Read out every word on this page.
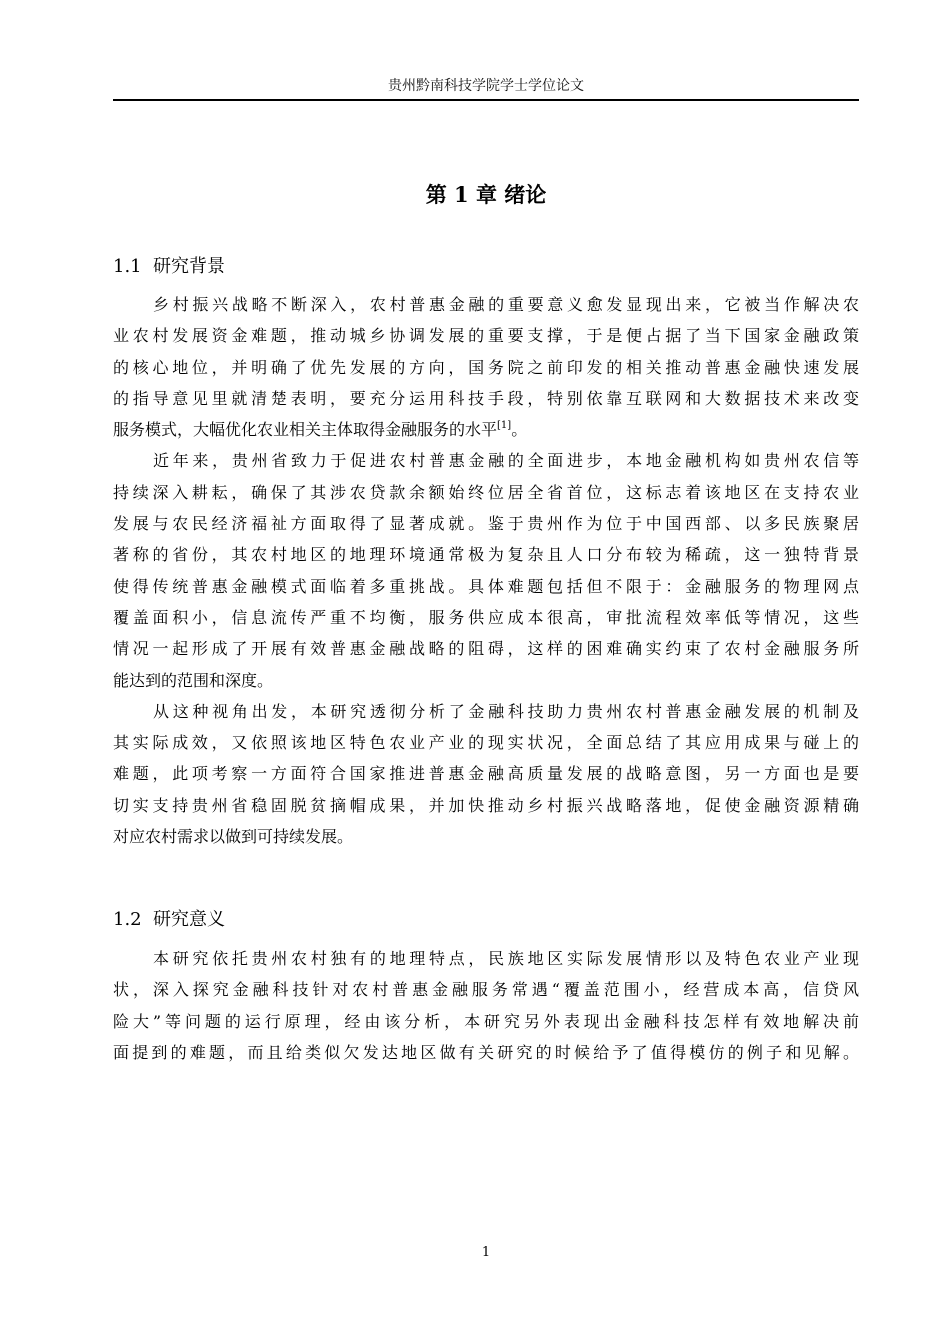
贵州黔南科技学院学士学位论文
第 1 章 绪论
1.1 研究背景
乡村振兴战略不断深入，农村普惠金融的重要意义愈发显现出来，它被当作解决农
业农村发展资金难题，推动城乡协调发展的重要支撑，于是便占据了当下国家金融政策
的核心地位，并明确了优先发展的方向，国务院之前印发的相关推动普惠金融快速发展
的指导意见里就清楚表明，要充分运用科技手段，特别依靠互联网和大数据技术来改变
服务模式，大幅优化农业相关主体取得金融服务的水平[1]。
近年来，贵州省致力于促进农村普惠金融的全面进步，本地金融机构如贵州农信等
持续深入耕耘，确保了其涉农贷款余额始终位居全省首位，这标志着该地区在支持农业
发展与农民经济福祉方面取得了显著成就。鉴于贵州作为位于中国西部、以多民族聚居
著称的省份，其农村地区的地理环境通常极为复杂且人口分布较为稀疏，这一独特背景
使得传统普惠金融模式面临着多重挑战。具体难题包括但不限于：金融服务的物理网点
覆盖面积小，信息流传严重不均衡，服务供应成本很高，审批流程效率低等情况，这些
情况一起形成了开展有效普惠金融战略的阻碍，这样的困难确实约束了农村金融服务所
能达到的范围和深度。
从这种视角出发，本研究透彻分析了金融科技助力贵州农村普惠金融发展的机制及
其实际成效，又依照该地区特色农业产业的现实状况，全面总结了其应用成果与碰上的
难题，此项考察一方面符合国家推进普惠金融高质量发展的战略意图，另一方面也是要
切实支持贵州省稳固脱贫摘帽成果，并加快推动乡村振兴战略落地，促使金融资源精确
对应农村需求以做到可持续发展。
1.2 研究意义
本研究依托贵州农村独有的地理特点，民族地区实际发展情形以及特色农业产业现
状，深入探究金融科技针对农村普惠金融服务常遇“覆盖范围小，经营成本高，信贷风
险大”等问题的运行原理，经由该分析，本研究另外表现出金融科技怎样有效地解决前
面提到的难题，而且给类似欠发达地区做有关研究的时候给予了值得模仿的例子和见解。
1
